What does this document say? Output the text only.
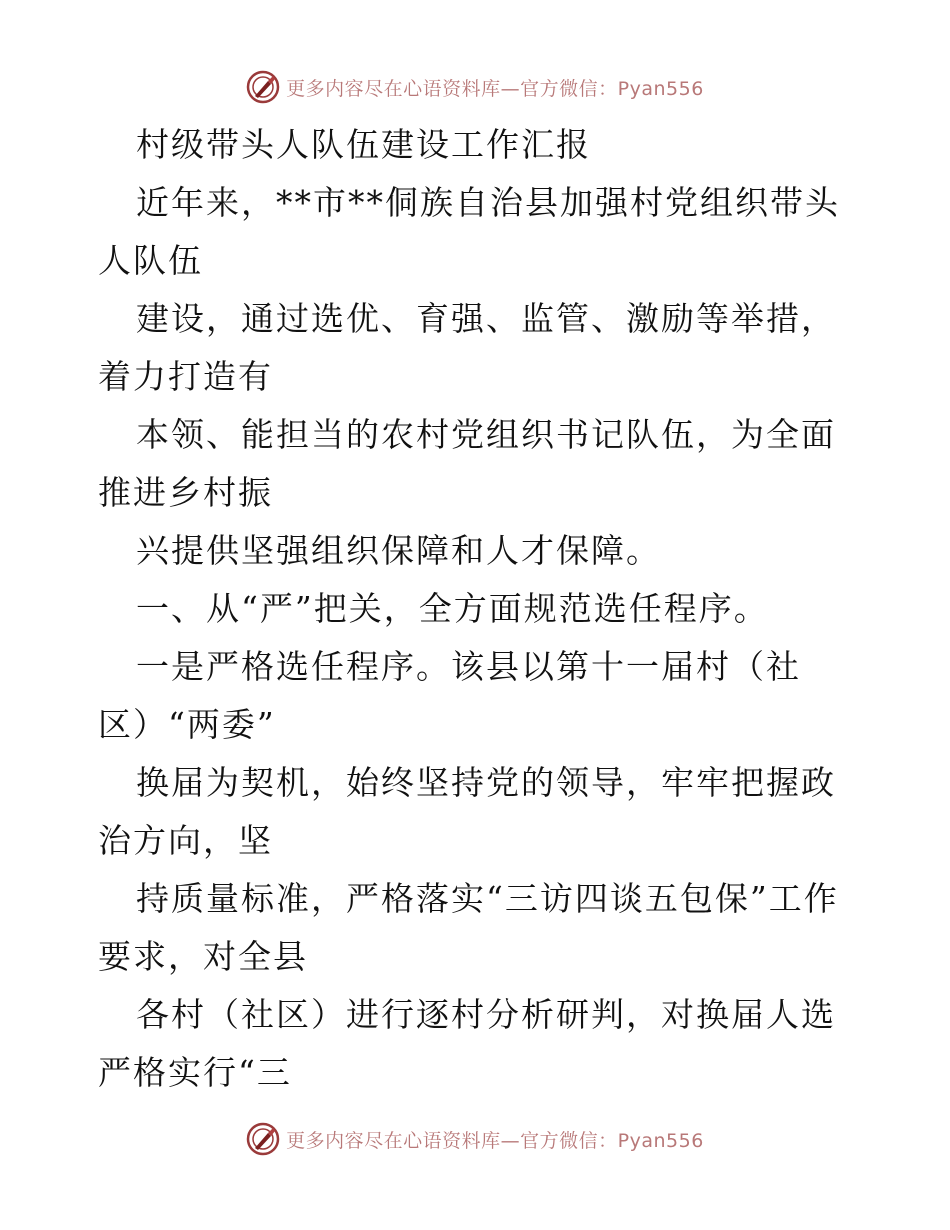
更多内容尽在心语资料库—官方微信：Pyan556

村级带头人队伍建设工作汇报

近年来，**市**侗族自治县加强村党组织带头人队伍

建设，通过选优、育强、监管、激励等举措，着力打造有

本领、能担当的农村党组织书记队伍，为全面推进乡村振

兴提供坚强组织保障和人才保障。

一、从“严”把关，全方面规范选任程序。

一是严格选任程序。该县以第十一届村（社区）“两委”

换届为契机，始终坚持党的领导，牢牢把握政治方向，坚

持质量标准，严格落实“三访四谈五包保”工作要求，对全县

各村（社区）进行逐村分析研判，对换届人选严格实行“三

更多内容尽在心语资料库—官方微信：Pyan556
